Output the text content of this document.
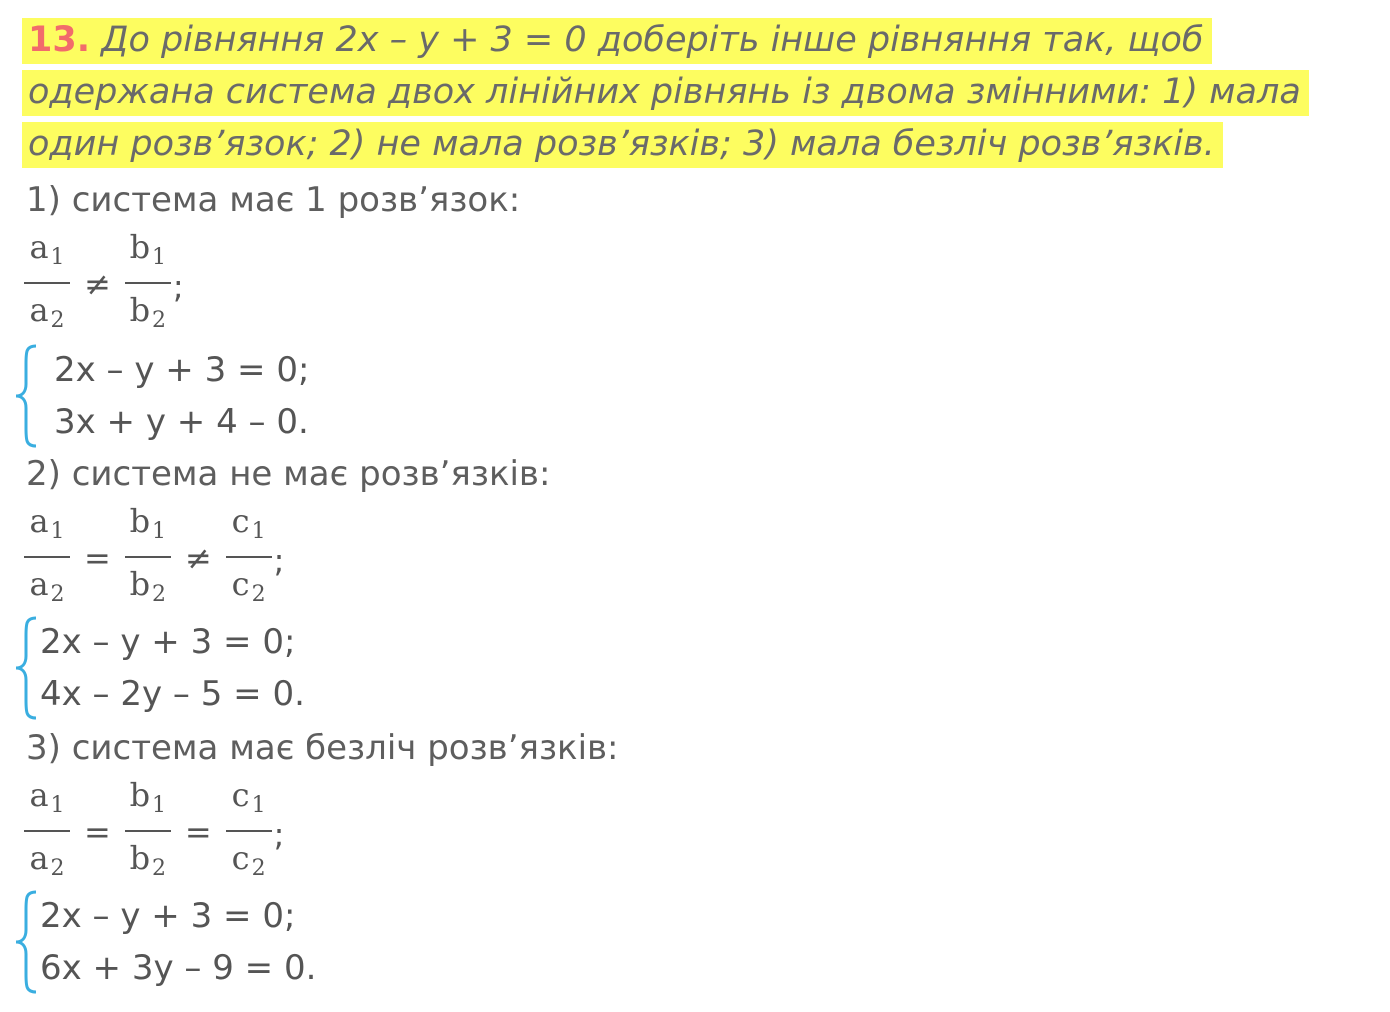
13. До рівняння 2x – y + 3 = 0 доберіть інше рівняння так, щоб одержана система двох лінійних рівнянь із двома змінними: 1) мала один розв’язок; 2) не мала розв’язків; 3) мала безліч розв’язків.
1) система має 1 розв’язок:
$\frac{a_1}{a_2} \ne \frac{b_1}{b_2}$ ;
2x – y + 3 = 0;
3x + y + 4 – 0.
2) система не має розв’язків:
$\frac{a_1}{a_2} = \frac{b_1}{b_2} \ne \frac{c_1}{c_2}$ ;
2x – y + 3 = 0;
4x – 2y – 5 = 0.
3) система має безліч розв’язків:
$\frac{a_1}{a_2} = \frac{b_1}{b_2} = \frac{c_1}{c_2}$ ;
2x – y + 3 = 0;
6x + 3y – 9 = 0.
